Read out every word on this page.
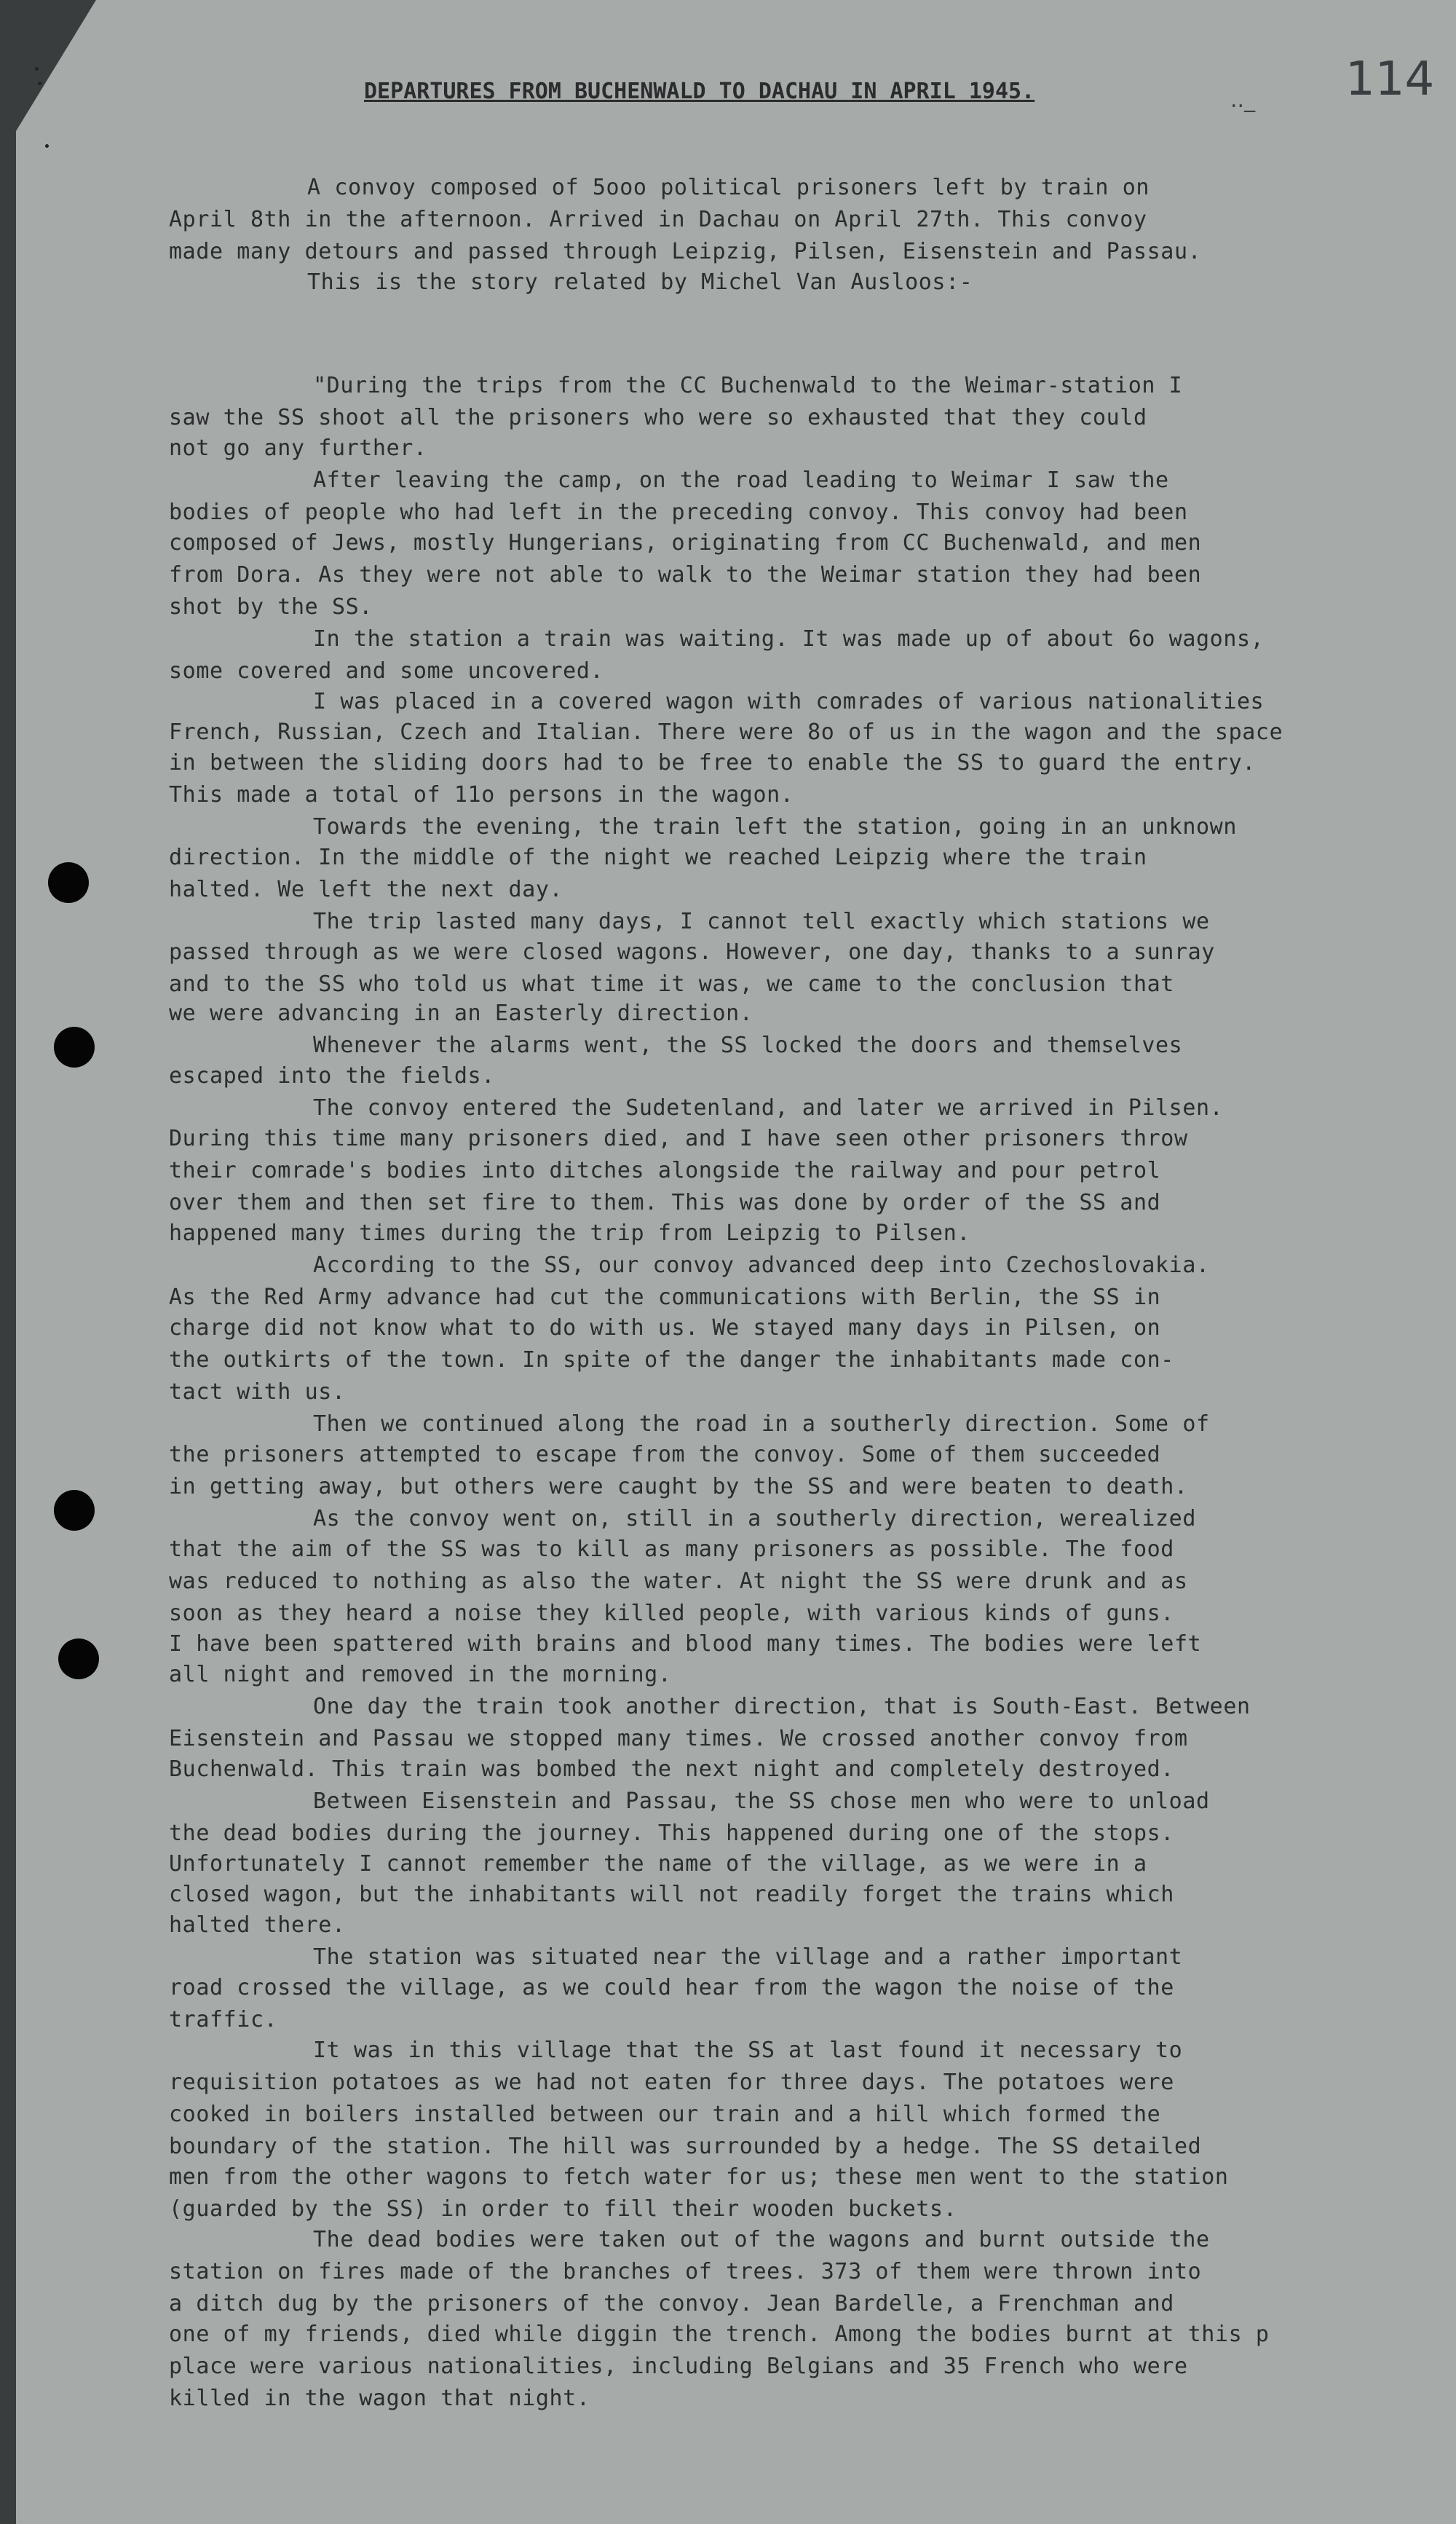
DEPARTURES FROM BUCHENWALD TO DACHAU IN APRIL 1945.	.._ 114
A convoy composed of 5ooo political prisoners left by train on
April 8th in the afternoon. Arrived in Dachau on April 27th. This convoy
made many detours and passed through Leipzig, Pilsen, Eisenstein and Passau.
This is the story related by Michel Van Ausloos:-
"During the trips from the CC Buchenwald to the Weimar-station I
saw the SS shoot all the prisoners who were so exhausted that they could
not go any further.
After leaving the camp, on the road leading to Weimar I saw the
bodies of people who had left in the preceding convoy. This convoy had been
composed of Jews, mostly Hungerians, originating from CC Buchenwald, and men
from Dora. As they were not able to walk to the Weimar station they had been
shot by the SS.
In the station a train was waiting. It was made up of about 6o wagons,
some covered and some uncovered.
I was placed in a covered wagon with comrades of various nationalities
French, Russian, Czech and Italian. There were 8o of us in the wagon and the space
in between the sliding doors had to be free to enable the SS to guard the entry.
This made a total of 11o persons in the wagon.
Towards the evening, the train left the station, going in an unknown
direction. In the middle of the night we reached Leipzig where the train
halted. We left the next day.
The trip lasted many days, I cannot tell exactly which stations we
passed through as we were closed wagons. However, one day, thanks to a sunray
and to the SS who told us what time it was, we came to the conclusion that
we were advancing in an Easterly direction.
Whenever the alarms went, the SS locked the doors and themselves
escaped into the fields.
The convoy entered the Sudetenland, and later we arrived in Pilsen.
During this time many prisoners died, and I have seen other prisoners throw
their comrade's bodies into ditches alongside the railway and pour petrol
over them and then set fire to them. This was done by order of the SS and
happened many times during the trip from Leipzig to Pilsen.
According to the SS, our convoy advanced deep into Czechoslovakia.
As the Red Army advance had cut the communications with Berlin, the SS in
charge did not know what to do with us. We stayed many days in Pilsen, on
the outkirts of the town. In spite of the danger the inhabitants made con-
tact with us.
Then we continued along the road in a southerly direction. Some of
the prisoners attempted to escape from the convoy. Some of them succeeded
in getting away, but others were caught by the SS and were beaten to death.
As the convoy went on, still in a southerly direction, werealized
that the aim of the SS was to kill as many prisoners as possible. The food
was reduced to nothing as also the water. At night the SS were drunk and as
soon as they heard a noise they killed people, with various kinds of guns.
I have been spattered with brains and blood many times. The bodies were left
all night and removed in the morning.
One day the train took another direction, that is South-East. Between
Eisenstein and Passau we stopped many times. We crossed another convoy from
Buchenwald. This train was bombed the next night and completely destroyed.
Between Eisenstein and Passau, the SS chose men who were to unload
the dead bodies during the journey. This happened during one of the stops.
Unfortunately I cannot remember the name of the village, as we were in a
closed wagon, but the inhabitants will not readily forget the trains which
halted there.
The station was situated near the village and a rather important
road crossed the village, as we could hear from the wagon the noise of the
traffic.
It was in this village that the SS at last found it necessary to
requisition potatoes as we had not eaten for three days. The potatoes were
cooked in boilers installed between our train and a hill which formed the
boundary of the station. The hill was surrounded by a hedge. The SS detailed
men from the other wagons to fetch water for us; these men went to the station
(guarded by the SS) in order to fill their wooden buckets.
The dead bodies were taken out of the wagons and burnt outside the
station on fires made of the branches of trees. 373 of them were thrown into
a ditch dug by the prisoners of the convoy. Jean Bardelle, a Frenchman and
one of my friends, died while diggin the trench. Among the bodies burnt at this p
place were various nationalities, including Belgians and 35 French who were
killed in the wagon that night.
